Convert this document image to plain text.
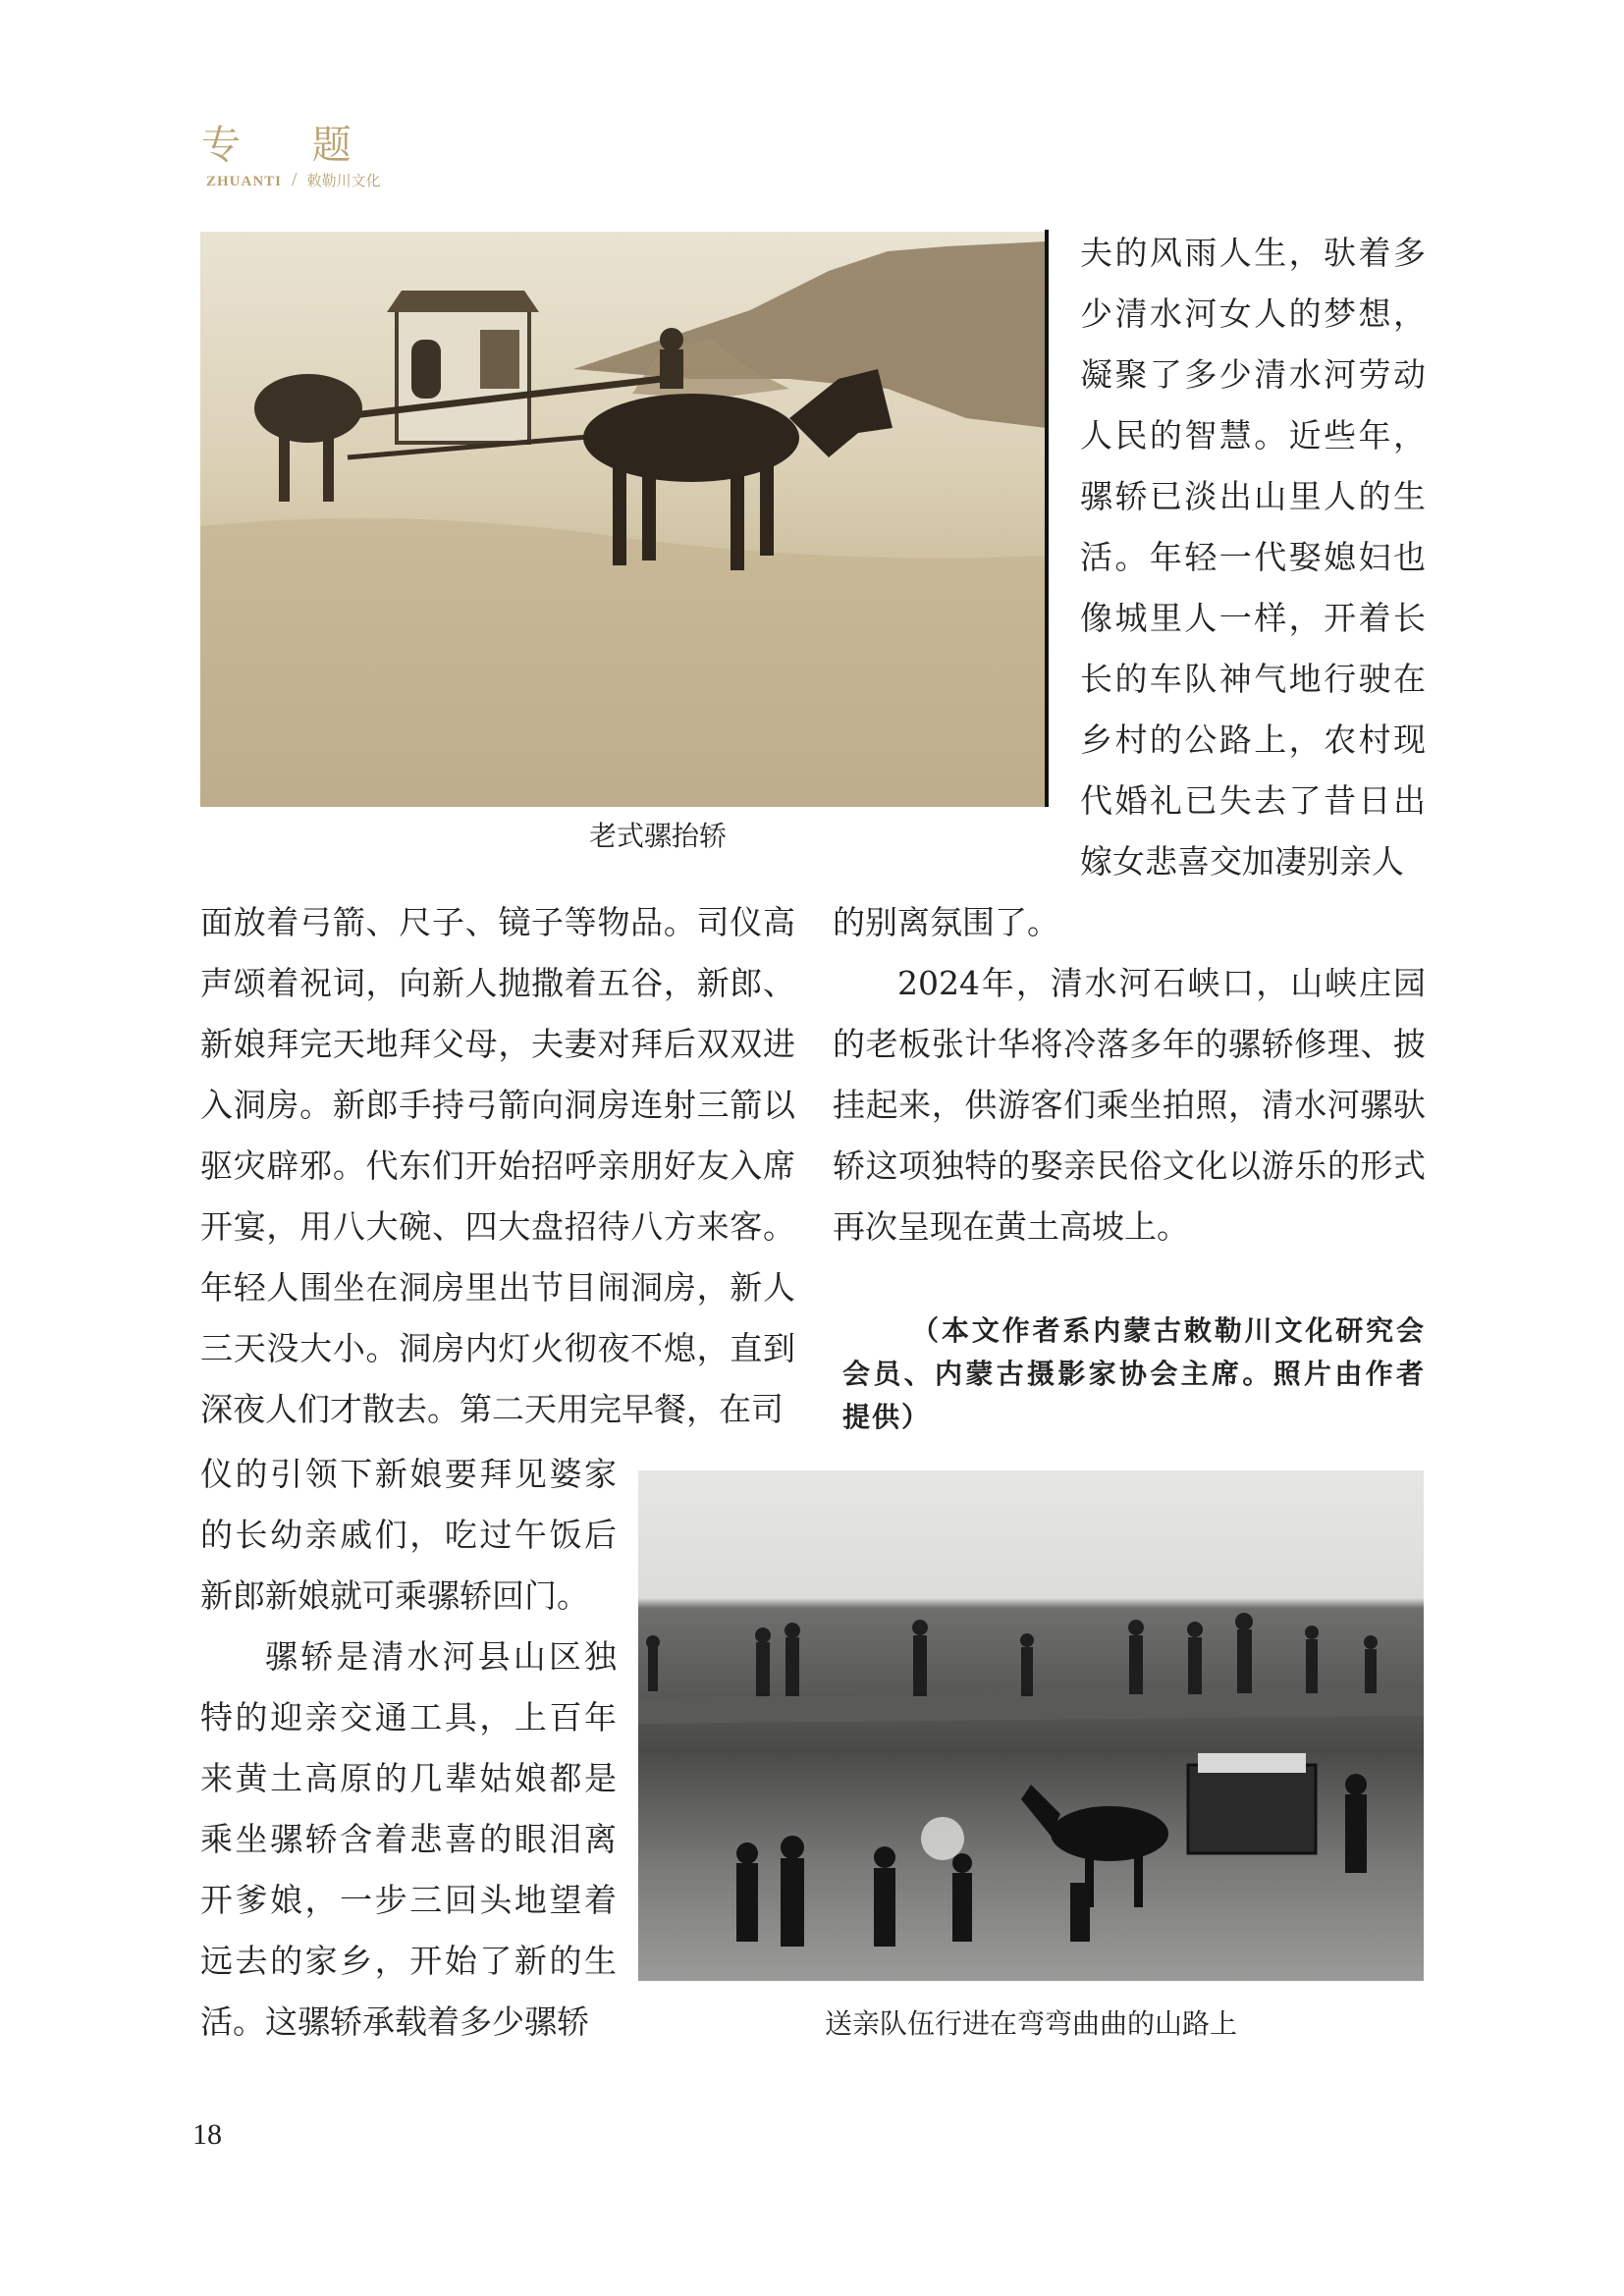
专 题
ZHUANTI / 敕勒川文化

老式骡抬轿

夫的风雨人生，驮着多少清水河女人的梦想，凝聚了多少清水河劳动人民的智慧。近些年，骡轿已淡出山里人的生活。年轻一代娶媳妇也像城里人一样，开着长长的车队神气地行驶在乡村的公路上，农村现代婚礼已失去了昔日出嫁女悲喜交加凄别亲人

面放着弓箭、尺子、镜子等物品。司仪高声颂着祝词，向新人抛撒着五谷，新郎、新娘拜完天地拜父母，夫妻对拜后双双进入洞房。新郎手持弓箭向洞房连射三箭以驱灾辟邪。代东们开始招呼亲朋好友入席开宴，用八大碗、四大盘招待八方来客。年轻人围坐在洞房里出节目闹洞房，新人三天没大小。洞房内灯火彻夜不熄，直到深夜人们才散去。第二天用完早餐，在司

的别离氛围了。

2024年，清水河石峡口，山峡庄园的老板张计华将冷落多年的骡轿修理、披挂起来，供游客们乘坐拍照，清水河骡驮轿这项独特的娶亲民俗文化以游乐的形式再次呈现在黄土高坡上。

（本文作者系内蒙古敕勒川文化研究会会员、内蒙古摄影家协会主席。照片由作者提供）

仪的引领下新娘要拜见婆家的长幼亲戚们，吃过午饭后新郎新娘就可乘骡轿回门。

骡轿是清水河县山区独特的迎亲交通工具，上百年来黄土高原的几辈姑娘都是乘坐骡轿含着悲喜的眼泪离开爹娘，一步三回头地望着远去的家乡，开始了新的生活。这骡轿承载着多少骡轿	送亲队伍行进在弯弯曲曲的山路上

18
